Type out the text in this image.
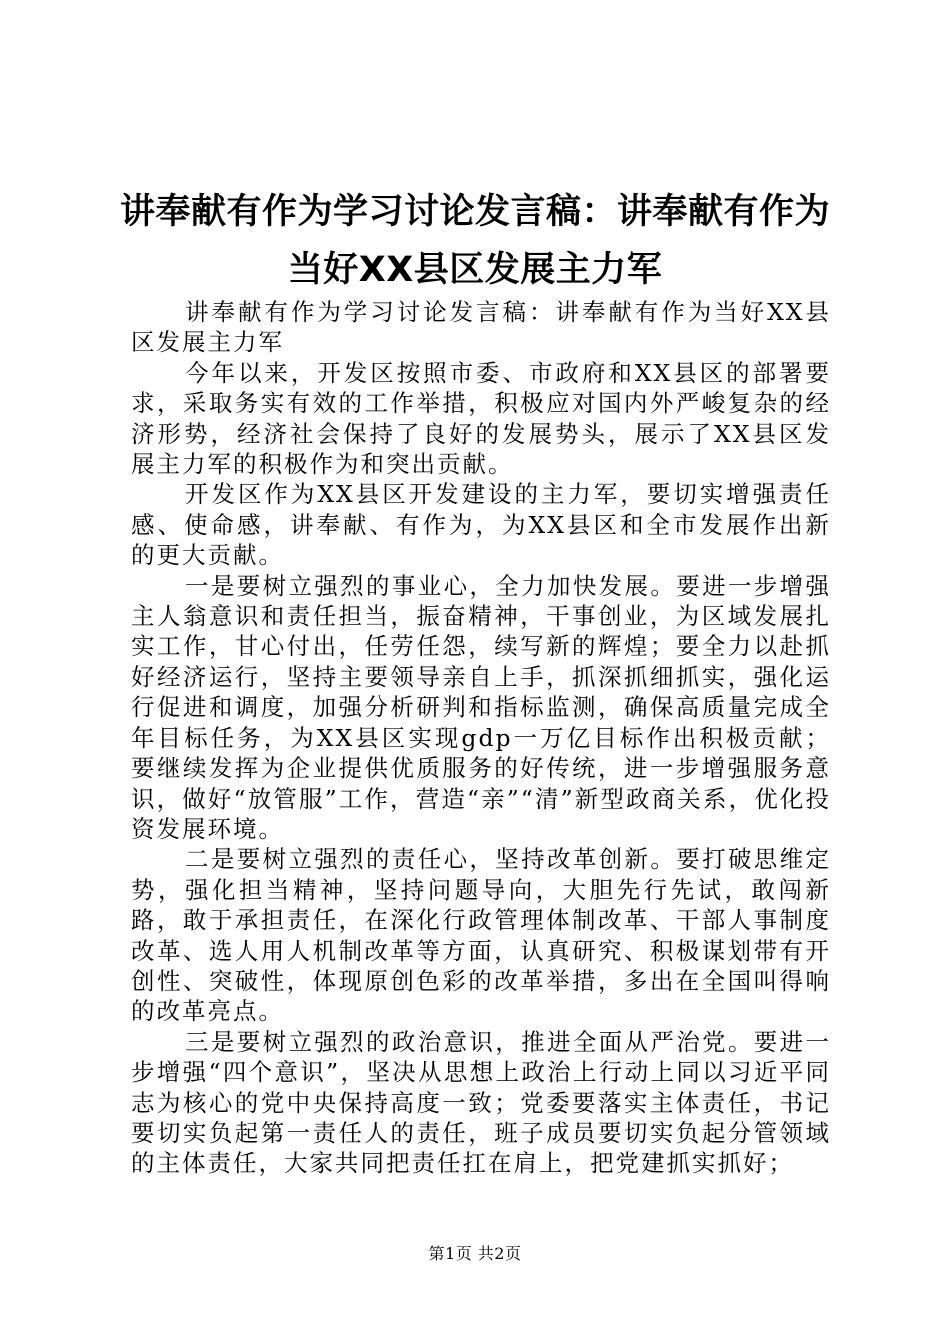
讲奉献有作为学习讨论发言稿：讲奉献有作为
当好XX县区发展主力军

讲奉献有作为学习讨论发言稿：讲奉献有作为当好XX县区发展主力军

今年以来，开发区按照市委、市政府和XX县区的部署要求，采取务实有效的工作举措，积极应对国内外严峻复杂的经济形势，经济社会保持了良好的发展势头，展示了XX县区发展主力军的积极作为和突出贡献。

开发区作为XX县区开发建设的主力军，要切实增强责任感、使命感，讲奉献、有作为，为XX县区和全市发展作出新的更大贡献。

一是要树立强烈的事业心，全力加快发展。要进一步增强主人翁意识和责任担当，振奋精神，干事创业，为区域发展扎实工作，甘心付出，任劳任怨，续写新的辉煌；要全力以赴抓好经济运行，坚持主要领导亲自上手，抓深抓细抓实，强化运行促进和调度，加强分析研判和指标监测，确保高质量完成全年目标任务，为XX县区实现gdp一万亿目标作出积极贡献；要继续发挥为企业提供优质服务的好传统，进一步增强服务意识，做好“放管服”工作，营造“亲”“清”新型政商关系，优化投资发展环境。

二是要树立强烈的责任心，坚持改革创新。要打破思维定势，强化担当精神，坚持问题导向，大胆先行先试，敢闯新路，敢于承担责任，在深化行政管理体制改革、干部人事制度改革、选人用人机制改革等方面，认真研究、积极谋划带有开创性、突破性，体现原创色彩的改革举措，多出在全国叫得响的改革亮点。

三是要树立强烈的政治意识，推进全面从严治党。要进一步增强“四个意识”，坚决从思想上政治上行动上同以习近平同志为核心的党中央保持高度一致；党委要落实主体责任，书记要切实负起第一责任人的责任，班子成员要切实负起分管领域的主体责任，大家共同把责任扛在肩上，把党建抓实抓好；

第1页 共2页
